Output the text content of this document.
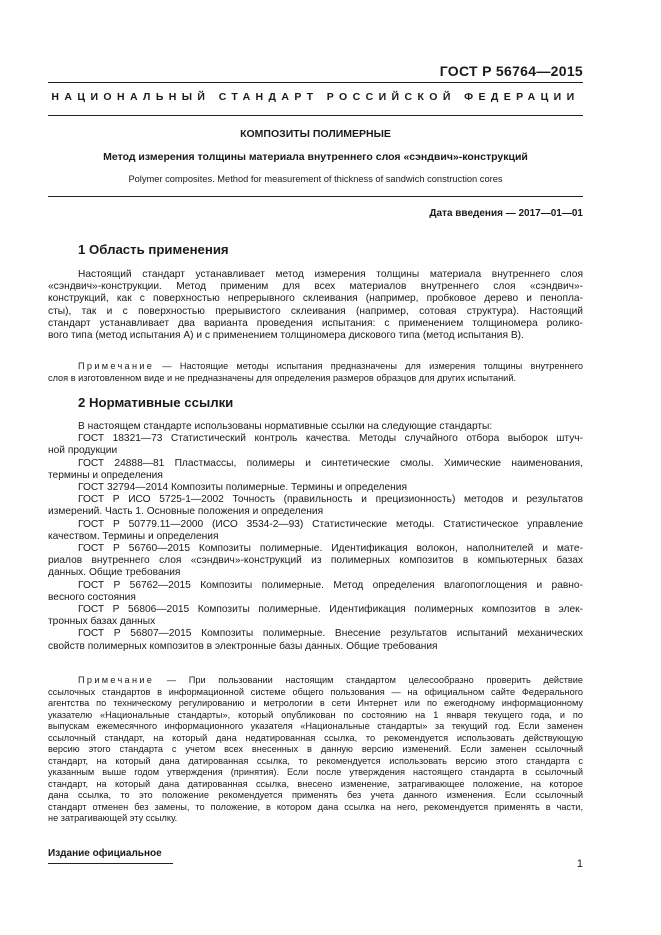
ГОСТ Р 56764—2015
НАЦИОНАЛЬНЫЙ СТАНДАРТ РОССИЙСКОЙ ФЕДЕРАЦИИ
КОМПОЗИТЫ ПОЛИМЕРНЫЕ
Метод измерения толщины материала внутреннего слоя «сэндвич»-конструкций
Polymer composites. Method for measurement of thickness of sandwich construction cores
Дата введения — 2017—01—01
1 Область применения
Настоящий стандарт устанавливает метод измерения толщины материала внутреннего слоя
«сэндвич»-конструкции. Метод применим для всех материалов внутреннего слоя «сэндвич»-
конструкций, как с поверхностью непрерывного склеивания (например, пробковое дерево и пенопла-
сты), так и с поверхностью прерывистого склеивания (например, сотовая структура). Настоящий
стандарт устанавливает два варианта проведения испытания: с применением толщиномера ролико-
вого типа (метод испытания А) и с применением толщиномера дискового типа (метод испытания В).
Примечание — Настоящие методы испытания предназначены для измерения толщины внутреннего
слоя в изготовленном виде и не предназначены для определения размеров образцов для других испытаний.
2 Нормативные ссылки
В настоящем стандарте использованы нормативные ссылки на следующие стандарты:
ГОСТ 18321—73 Статистический контроль качества. Методы случайного отбора выборок штуч-
ной продукции
ГОСТ 24888—81 Пластмассы, полимеры и синтетические смолы. Химические наименования,
термины и определения
ГОСТ 32794—2014 Композиты полимерные. Термины и определения
ГОСТ Р ИСО 5725-1—2002 Точность (правильность и прецизионность) методов и результатов
измерений. Часть 1. Основные положения и определения
ГОСТ Р 50779.11—2000 (ИСО 3534-2—93) Статистические методы. Статистическое управление
качеством. Термины и определения
ГОСТ Р 56760—2015 Композиты полимерные. Идентификация волокон, наполнителей и мате-
риалов внутреннего слоя «сэндвич»-конструкций из полимерных композитов в компьютерных базах
данных. Общие требования
ГОСТ Р 56762—2015 Композиты полимерные. Метод определения влагопоглощения и равно-
весного состояния
ГОСТ Р 56806—2015 Композиты полимерные. Идентификация полимерных композитов в элек-
тронных базах данных
ГОСТ Р 56807—2015 Композиты полимерные. Внесение результатов испытаний механических
свойств полимерных композитов в электронные базы данных. Общие требования
Примечание — При пользовании настоящим стандартом целесообразно проверить действие
ссылочных стандартов в информационной системе общего пользования — на официальном сайте Федерального
агентства по техническому регулированию и метрологии в сети Интернет или по ежегодному информационному
указателю «Национальные стандарты», который опубликован по состоянию на 1 января текущего года, и по
выпускам ежемесячного информационного указателя «Национальные стандарты» за текущий год. Если заменен
ссылочный стандарт, на который дана недатированная ссылка, то рекомендуется использовать действующую
версию этого стандарта с учетом всех внесенных в данную версию изменений. Если заменен ссылочный
стандарт, на который дана датированная ссылка, то рекомендуется использовать версию этого стандарта с
указанным выше годом утверждения (принятия). Если после утверждения настоящего стандарта в ссылочный
стандарт, на который дана датированная ссылка, внесено изменение, затрагивающее положение, на которое
дана ссылка, то это положение рекомендуется применять без учета данного изменения. Если ссылочный
стандарт отменен без замены, то положение, в котором дана ссылка на него, рекомендуется применять в части,
не затрагивающей эту ссылку.
Издание официальное
1
